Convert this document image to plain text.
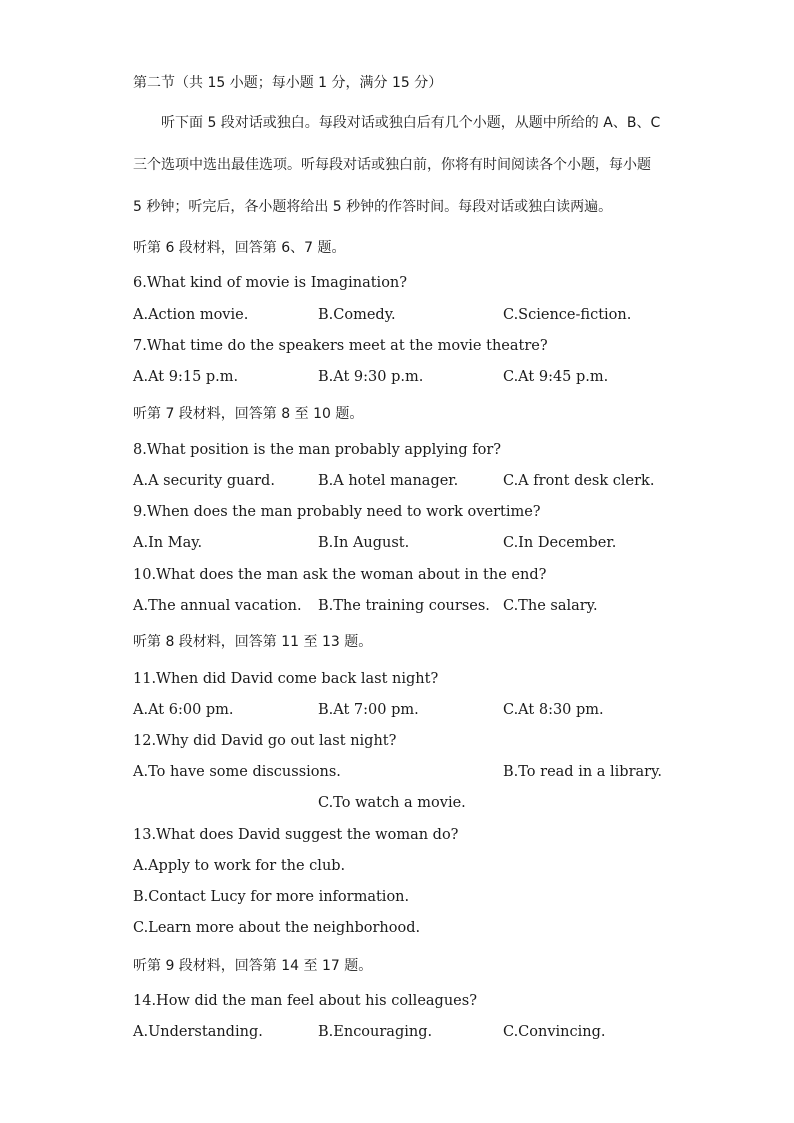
第二节（共 15 小题；每小题 1 分，满分 15 分）
听下面 5 段对话或独白。每段对话或独白后有几个小题，从题中所给的 A、B、C 三个选项中选出最佳选项。听每段对话或独白前，你将有时间阅读各个小题，每小题 5 秒钟；听完后，各小题将给出 5 秒钟的作答时间。每段对话或独白读两遍。
听第 6 段材料，回答第 6、7 题。
6.What kind of movie is Imagination?
A.Action movie.	B.Comedy.	C.Science-fiction.
7.What time do the speakers meet at the movie theatre?
A.At 9:15 p.m.	B.At 9:30 p.m.	C.At 9:45 p.m.
听第 7 段材料，回答第 8 至 10 题。
8.What position is the man probably applying for?
A.A security guard.	B.A hotel manager.	C.A front desk clerk.
9.When does the man probably need to work overtime?
A.In May.	B.In August.	C.In December.
10.What does the man ask the woman about in the end?
A.The annual vacation. B.The training courses. C.The salary.
听第 8 段材料，回答第 11 至 13 题。
11.When did David come back last night?
A.At 6:00 pm.	B.At 7:00 pm.	C.At 8:30 pm.
12.Why did David go out last night?
A.To have some discussions.	B.To read in a library.
C.To watch a movie.
13.What does David suggest the woman do?
A.Apply to work for the club.
B.Contact Lucy for more information.
C.Learn more about the neighborhood.
听第 9 段材料，回答第 14 至 17 题。
14.How did the man feel about his colleagues?
A.Understanding.	B.Encouraging.	C.Convincing.
